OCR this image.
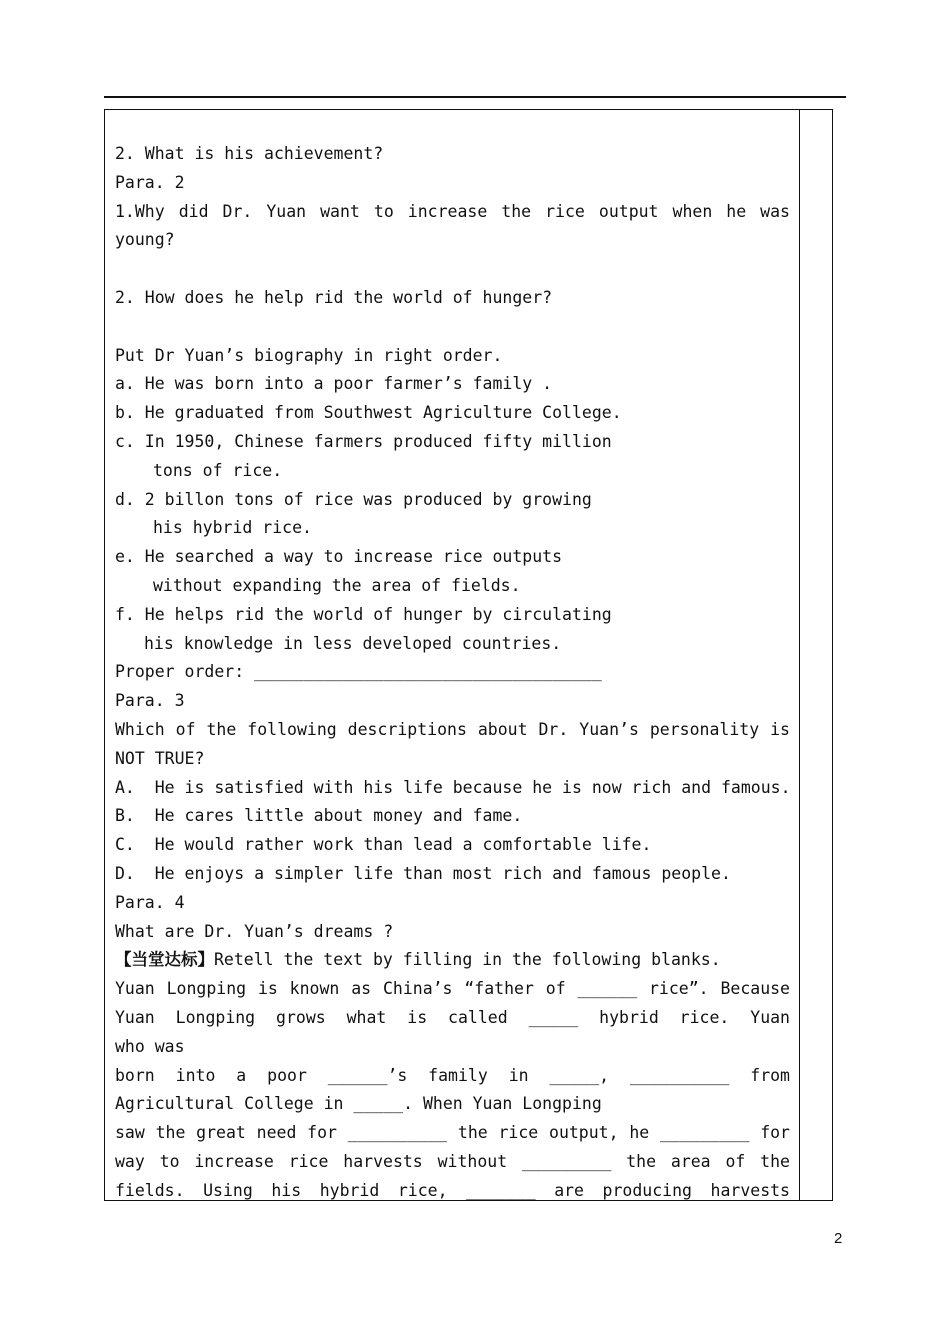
2. What is his achievement?
Para. 2
1.Why did Dr. Yuan want to increase the rice output when he was
young?
2. How does he help rid the world of hunger?
Put Dr Yuan’s biography in right order.
a. He was born into a poor farmer’s family .
b. He graduated from Southwest Agriculture College.
c. In 1950, Chinese farmers produced fifty million
tons of rice.
d. 2 billon tons of rice was produced by growing
his hybrid rice.
e. He searched a way to increase rice outputs
without expanding the area of fields.
f. He helps rid the world of hunger by circulating
his knowledge in less developed countries.
Proper order: ___________________________________
Para. 3
Which of the following descriptions about Dr. Yuan’s personality is
NOT TRUE?
A.  He is satisfied with his life because he is now rich and famous.
B.  He cares little about money and fame.
C.  He would rather work than lead a comfortable life.
D.  He enjoys a simpler life than most rich and famous people.
Para. 4
What are Dr. Yuan’s dreams ?
【当堂达标】Retell the text by filling in the following blanks.
Yuan Longping is known as China’s “father of ______ rice”. Because
Yuan Longping grows what is called _____ hybrid rice. Yuan
who was
born into a poor ______’s family in _____, __________ from
Agricultural College in _____. When Yuan Longping
saw the great need for __________ the rice output, he _________ for
way to increase rice harvests without _________ the area of the
fields. Using his hybrid rice, _______ are producing harvests
2
